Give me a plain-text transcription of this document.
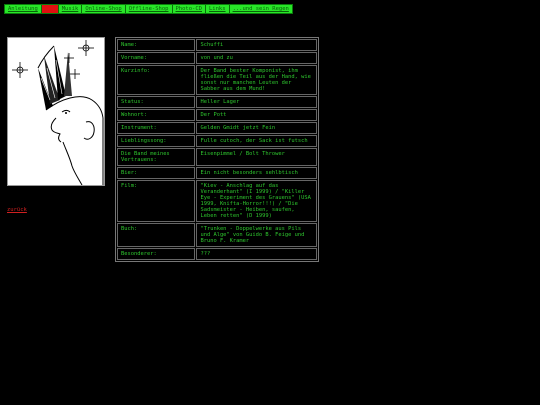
Anleitung	Ich	Musik	Online-Shop	Offline-Shop	Photo-CD	Links	...und sein Regen
zurück
Name:	Schuffi
Vorname:	von und zu
Kurzinfo:	Der Band bester Komponist, ihm fließen die Teil aus der Hand, wie sonst nur manchen Leuten der Sabber aus dem Mund!
Status:	Heller Lager
Wohnort:	Der Pott
Instrument:	Gelden Gmidt jetzt Fein
Lieblingssong:	Fulle cutoch, der Sack ist futsch
Die Band meines Vertrauens:	Eisenpimmel / Bolt Thrower
Bier:	Ein nicht besonders sehlbtisch
Film:	"Kiev - Anschlag auf das Veranderhant" (I 1999) / "Killer Eye - Experiment des Grauens" (USA 1999, Knifta-Horror!!!) / "Die Sadsmeister - Heiben, saufen, Leben retten" (D 1999)
Buch:	"Trunken - Doppelwerke aus Pils und Alge" von Guido B. Feige und Bruno F. Kramer
Besonderer:	???
